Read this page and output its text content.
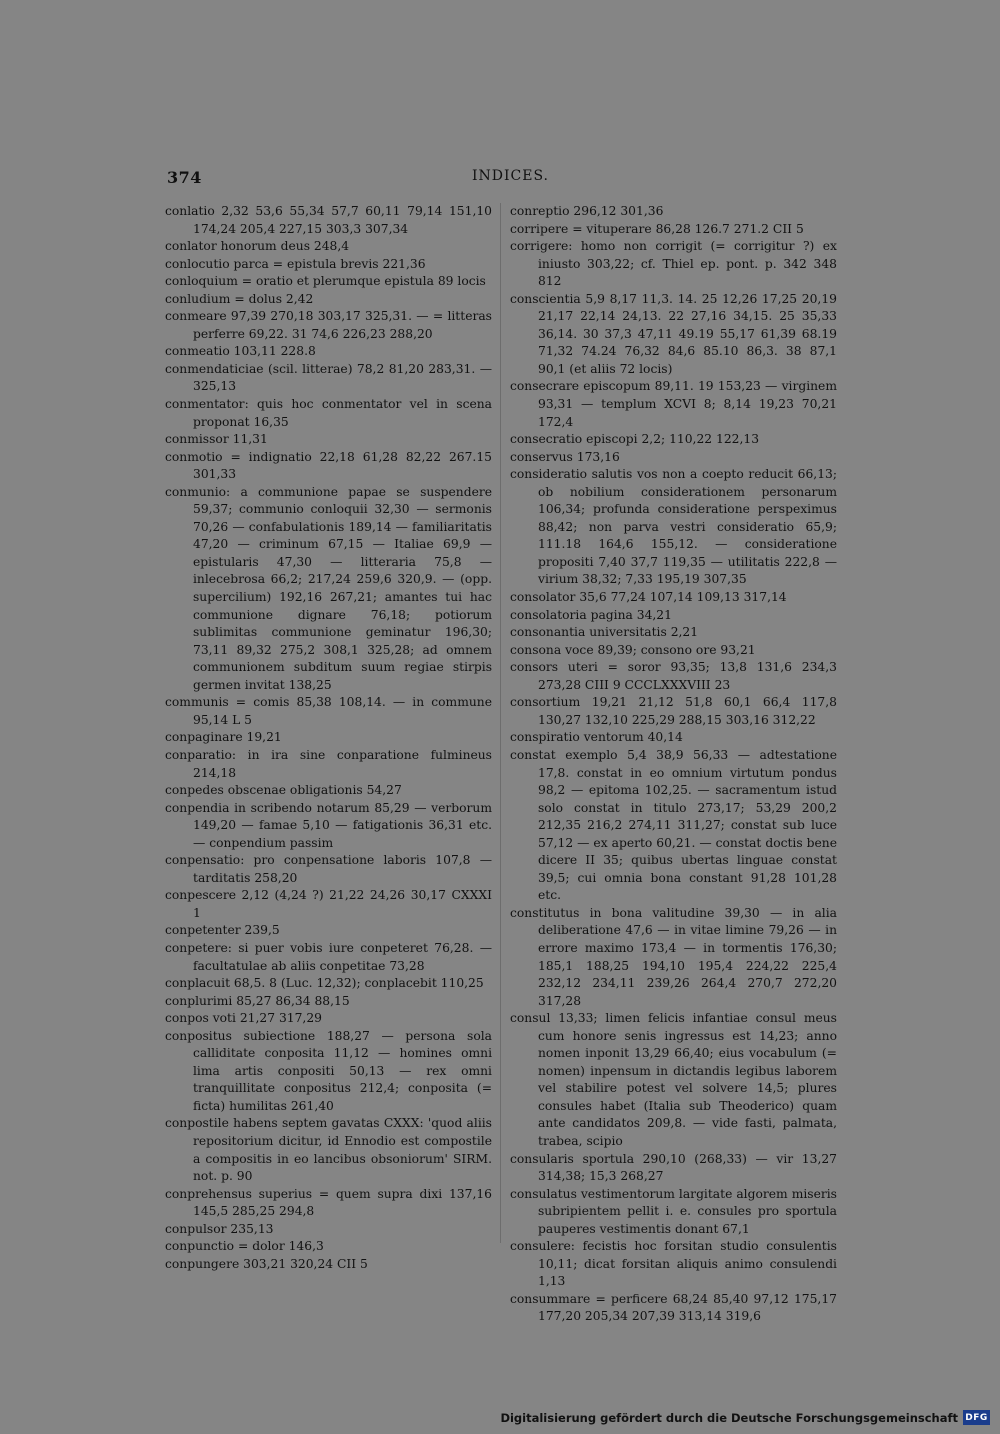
374	INDICES.
conlatio 2,32 53,6 55,34 57,7 60,11 79,14 151,10 174,24 205,4 227,15 303,3 307,34
conlator honorum deus 248,4
conlocutio parca = epistula brevis 221,36
conloquium = oratio et plerumque epistula 89 locis
conludium = dolus 2,42
conmeare 97,39 270,18 303,17 325,31. — = litteras perferre 69,22. 31 74,6 226,23 288,20
conmeatio 103,11 228.8
conmendaticiae (scil. litterae) 78,2 81,20 283,31. — 325,13
conmentator: quis hoc conmentator vel in scena proponat 16,35
conmissor 11,31
conmotio = indignatio 22,18 61,28 82,22 267.15 301,33
conmunio: a communione papae se suspendere 59,37; communio conloquii 32,30 — sermonis 70,26 — confabulationis 189,14 — familiaritatis 47,20 — criminum 67,15 — Italiae 69,9 — epistularis 47,30 — litteraria 75,8 — inlecebrosa 66,2; 217,24 259,6 320,9. — (opp. supercilium) 192,16 267,21; amantes tui hac communione dignare 76,18; potiorum sublimitas communione geminatur 196,30; 73,11 89,32 275,2 308,1 325,28; ad omnem communionem subditum suum regiae stirpis germen invitat 138,25
communis = comis 85,38 108,14. — in commune 95,14 L 5
conpaginare 19,21
conparatio: in ira sine conparatione fulmineus 214,18
conpedes obscenae obligationis 54,27
conpendia in scribendo notarum 85,29 — verborum 149,20 — famae 5,10 — fatigationis 36,31 etc. — conpendium passim
conpensatio: pro conpensatione laboris 107,8 — tarditatis 258,20
conpescere 2,12 (4,24 ?) 21,22 24,26 30,17 CXXXI 1
conpetenter 239,5
conpetere: si puer vobis iure conpeteret 76,28. — facultatulae ab aliis conpetitae 73,28
conplacuit 68,5. 8 (Luc. 12,32); conplacebit 110,25
conplurimi 85,27 86,34 88,15
conpos voti 21,27 317,29
conpositus subiectione 188,27 — persona sola calliditate conposita 11,12 — homines omni lima artis conpositi 50,13 — rex omni tranquillitate conpositus 212,4; conposita (= ficta) humilitas 261,40
conpostile habens septem gavatas CXXX: 'quod aliis repositorium dicitur, id Ennodio est compostile a compositis in eo lancibus obsoniorum' SIRM. not. p. 90
conprehensus superius = quem supra dixi 137,16 145,5 285,25 294,8
conpulsor 235,13
conpunctio = dolor 146,3
conpungere 303,21 320,24 CII 5
conreptio 296,12 301,36
corripere = vituperare 86,28 126.7 271.2 CII 5
corrigere: homo non corrigit (= corrigitur ?) ex iniusto 303,22; cf. Thiel ep. pont. p. 342 348 812
conscientia 5,9 8,17 11,3. 14. 25 12,26 17,25 20,19 21,17 22,14 24,13. 22 27,16 34,15. 25 35,33 36,14. 30 37,3 47,11 49.19 55,17 61,39 68.19 71,32 74.24 76,32 84,6 85.10 86,3. 38 87,1 90,1 (et aliis 72 locis)
consecrare episcopum 89,11. 19 153,23 — virginem 93,31 — templum XCVI 8; 8,14 19,23 70,21 172,4
consecratio episcopi 2,2; 110,22 122,13
conservus 173,16
consideratio salutis vos non a coepto reducit 66,13; ob nobilium considerationem personarum 106,34; profunda consideratione perspeximus 88,42; non parva vestri consideratio 65,9; 111.18 164,6 155,12. — consideratione propositi 7,40 37,7 119,35 — utilitatis 222,8 — virium 38,32; 7,33 195,19 307,35
consolator 35,6 77,24 107,14 109,13 317,14
consolatoria pagina 34,21
consonantia universitatis 2,21
consona voce 89,39; consono ore 93,21
consors uteri = soror 93,35; 13,8 131,6 234,3 273,28 CIII 9 CCCLXXXVIII 23
consortium 19,21 21,12 51,8 60,1 66,4 117,8 130,27 132,10 225,29 288,15 303,16 312,22
conspiratio ventorum 40,14
constat exemplo 5,4 38,9 56,33 — adtestatione 17,8. constat in eo omnium virtutum pondus 98,2 — epitoma 102,25. — sacramentum istud solo constat in titulo 273,17; 53,29 200,2 212,35 216,2 274,11 311,27; constat sub luce 57,12 — ex aperto 60,21. — constat doctis bene dicere II 35; quibus ubertas linguae constat 39,5; cui omnia bona constant 91,28 101,28 etc.
constitutus in bona valitudine 39,30 — in alia deliberatione 47,6 — in vitae limine 79,26 — in errore maximo 173,4 — in tormentis 176,30; 185,1 188,25 194,10 195,4 224,22 225,4 232,12 234,11 239,26 264,4 270,7 272,20 317,28
consul 13,33; limen felicis infantiae consul meus cum honore senis ingressus est 14,23; anno nomen inponit 13,29 66,40; eius vocabulum (= nomen) inpensum in dictandis legibus laborem vel stabilire potest vel solvere 14,5; plures consules habet (Italia sub Theoderico) quam ante candidatos 209,8. — vide fasti, palmata, trabea, scipio
consularis sportula 290,10 (268,33) — vir 13,27 314,38; 15,3 268,27
consulatus vestimentorum largitate algorem miseris subripientem pellit i. e. consules pro sportula pauperes vestimentis donant 67,1
consulere: fecistis hoc forsitan studio consulentis 10,11; dicat forsitan aliquis animo consulendi 1,13
consummare = perficere 68,24 85,40 97,12 175,17 177,20 205,34 207,39 313,14 319,6
Digitalisierung gefördert durch die Deutsche Forschungsgemeinschaft DFG
